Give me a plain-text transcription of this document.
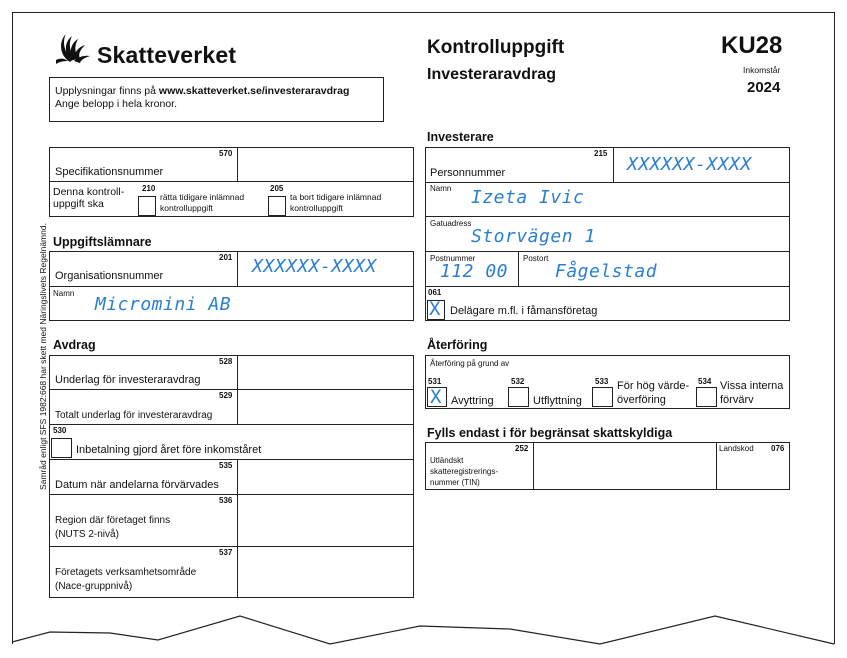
Samråd enligt SFS 1982:668 har skett med Näringslivets Regelnämnd.
Skatteverket
Upplysningar finns på www.skatteverket.se/investeraravdrag
Ange belopp i hela kronor.
Kontrolluppgift
Investeraravdrag
KU28
Inkomstår
2024
570
Specifikationsnummer
Denna kontroll-uppgift ska
210
rätta tidigare inlämnad kontrolluppgift
205
ta bort tidigare inlämnad kontrolluppgift
Uppgiftslämnare
201
Organisationsnummer	XXXXXX-XXXX
Namn
Micromini AB
Avdrag
528
Underlag för investeraravdrag
529
Totalt underlag för investeraravdrag
530
Inbetalning gjord året före inkomståret
535
Datum när andelarna förvärvades
536
Region där företaget finns
(NUTS 2-nivå)
537
Företagets verksamhetsområde
(Nace-gruppnivå)
Investerare
215
Personnummer	XXXXXX-XXXX
Namn Izeta Ivic
Gatuadress
Storvägen 1
Postnummer
112 00
Postort
Fågelstad
061
X Delägare m.fl. i fåmansföretag
Återföring
Återföring på grund av
531
X Avyttring
532
Utflyttning
533 För hög värde-
överföring
534 Vissa interna
förvärv
Fylls endast i för begränsat skattskyldiga
252
Utländskt
skatteregistrerings-
nummer (TIN)
Landskod 076
